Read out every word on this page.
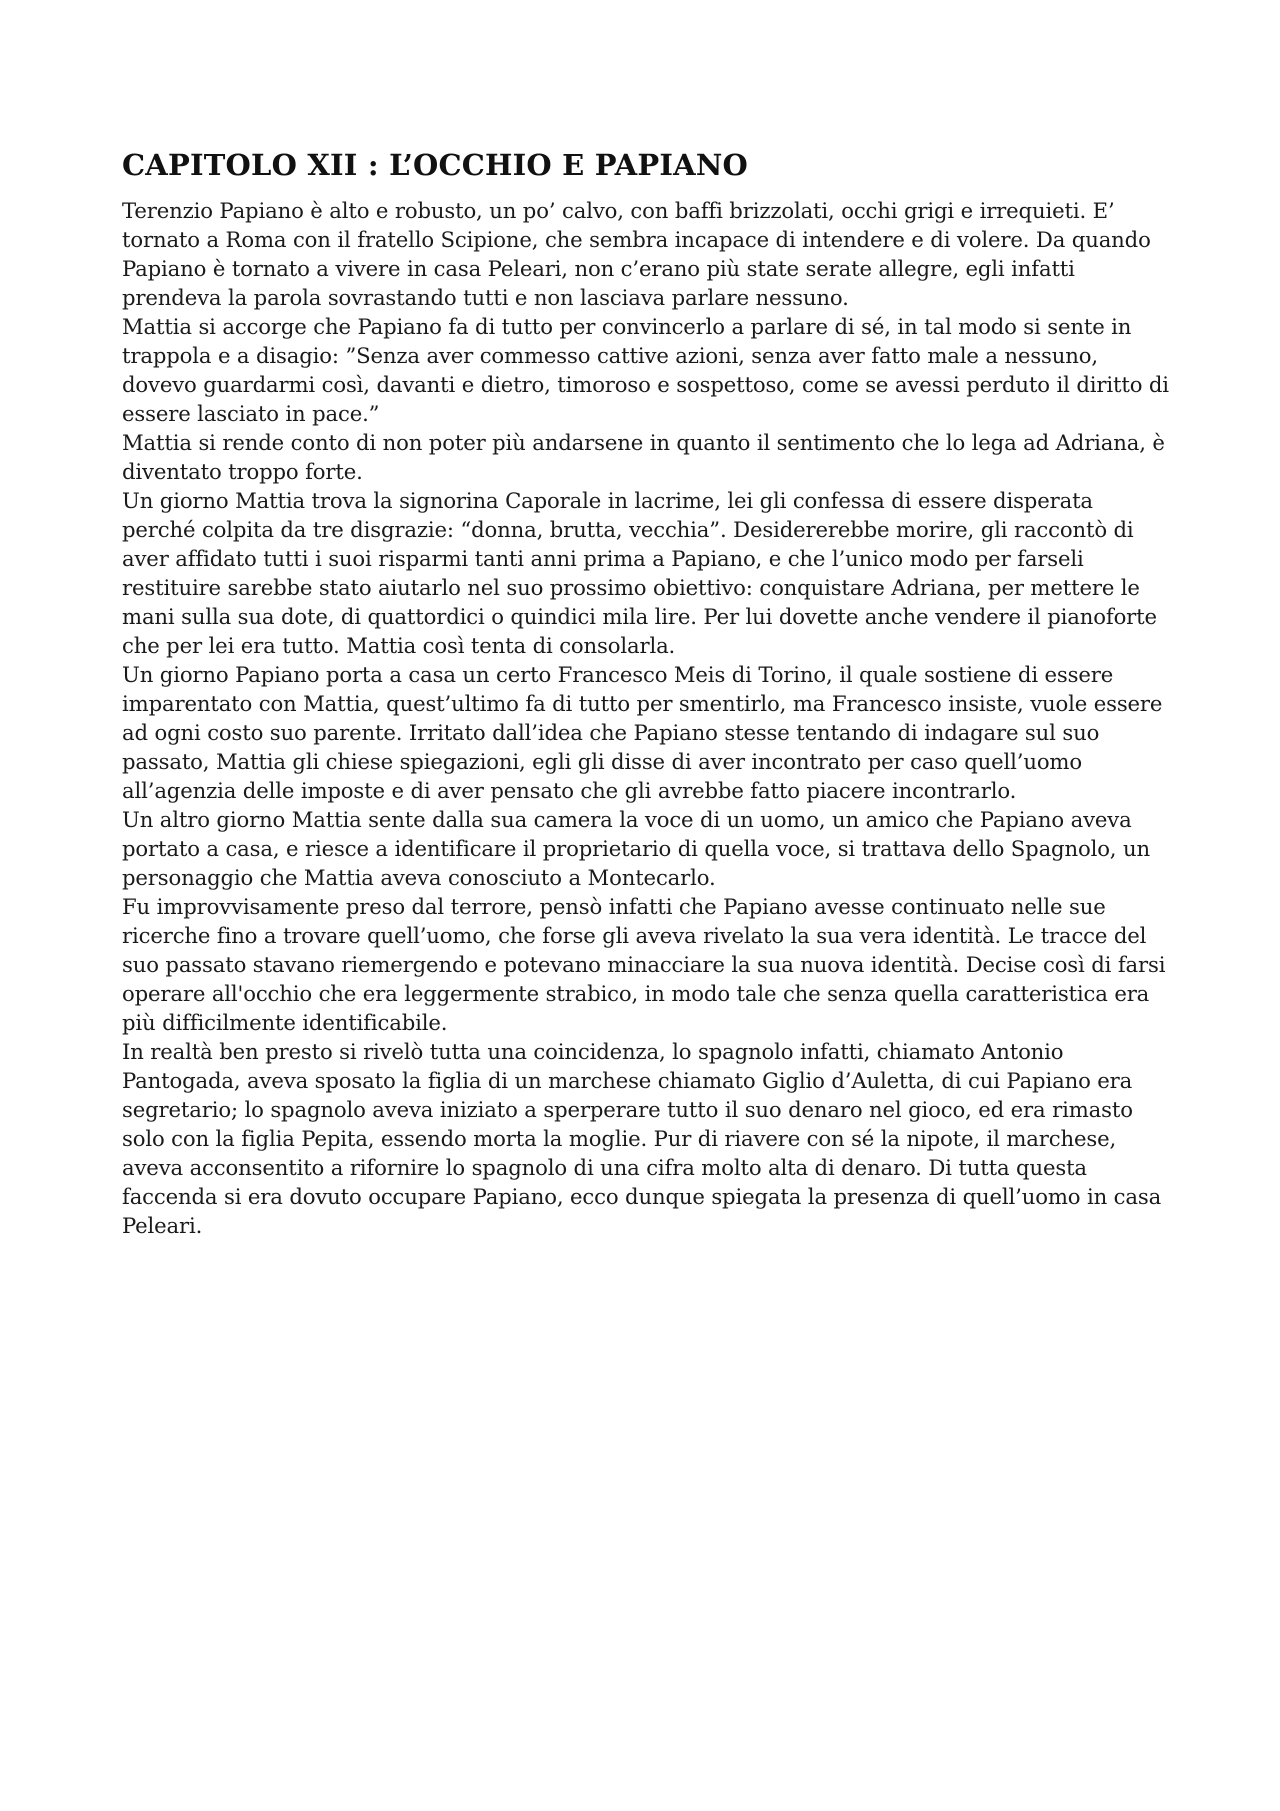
CAPITOLO XII : L’OCCHIO E PAPIANO

Terenzio Papiano è alto e robusto, un po’ calvo, con baffi brizzolati, occhi grigi e irrequieti. E’ tornato a Roma con il fratello Scipione, che sembra incapace di intendere e di volere. Da quando Papiano è tornato a vivere in casa Peleari, non c’erano più state serate allegre, egli infatti prendeva la parola sovrastando tutti e non lasciava parlare nessuno.

Mattia si accorge che Papiano fa di tutto per convincerlo a parlare di sé, in tal modo si sente in trappola e a disagio: ”Senza aver commesso cattive azioni, senza aver fatto male a nessuno, dovevo guardarmi così, davanti e dietro, timoroso e sospettoso, come se avessi perduto il diritto di essere lasciato in pace.”

Mattia si rende conto di non poter più andarsene in quanto il sentimento che lo lega ad Adriana, è diventato troppo forte.

Un giorno Mattia trova la signorina Caporale in lacrime, lei gli confessa di essere disperata perché colpita da tre disgrazie: “donna, brutta, vecchia”. Desidererebbe morire, gli raccontò di aver affidato tutti i suoi risparmi tanti anni prima a Papiano, e che l’unico modo per farseli restituire sarebbe stato aiutarlo nel suo prossimo obiettivo: conquistare Adriana, per mettere le mani sulla sua dote, di quattordici o quindici mila lire. Per lui dovette anche vendere il pianoforte che per lei era tutto. Mattia così tenta di consolarla.

Un giorno Papiano porta a casa un certo Francesco Meis di Torino, il quale sostiene di essere imparentato con Mattia, quest’ultimo fa di tutto per smentirlo, ma Francesco insiste, vuole essere ad ogni costo suo parente. Irritato dall’idea che Papiano stesse tentando di indagare sul suo passato, Mattia gli chiese spiegazioni, egli gli disse di aver incontrato per caso quell’uomo all’agenzia delle imposte e di aver pensato che gli avrebbe fatto piacere incontrarlo.

Un altro giorno Mattia sente dalla sua camera la voce di un uomo, un amico che Papiano aveva portato a casa, e riesce a identificare il proprietario di quella voce, si trattava dello Spagnolo, un personaggio che Mattia aveva conosciuto a Montecarlo.

Fu improvvisamente preso dal terrore, pensò infatti che Papiano avesse continuato nelle sue ricerche fino a trovare quell’uomo, che forse gli aveva rivelato la sua vera identità. Le tracce del suo passato stavano riemergendo e potevano minacciare la sua nuova identità. Decise così di farsi operare all'occhio che era leggermente strabico, in modo tale che senza quella caratteristica era più difficilmente identificabile.

In realtà ben presto si rivelò tutta una coincidenza, lo spagnolo infatti, chiamato Antonio Pantogada, aveva sposato la figlia di un marchese chiamato Giglio d’Auletta, di cui Papiano era segretario; lo spagnolo aveva iniziato a sperperare tutto il suo denaro nel gioco, ed era rimasto solo con la figlia Pepita, essendo morta la moglie. Pur di riavere con sé la nipote, il marchese, aveva acconsentito a rifornire lo spagnolo di una cifra molto alta di denaro. Di tutta questa faccenda si era dovuto occupare Papiano, ecco dunque spiegata la presenza di quell’uomo in casa Peleari.
